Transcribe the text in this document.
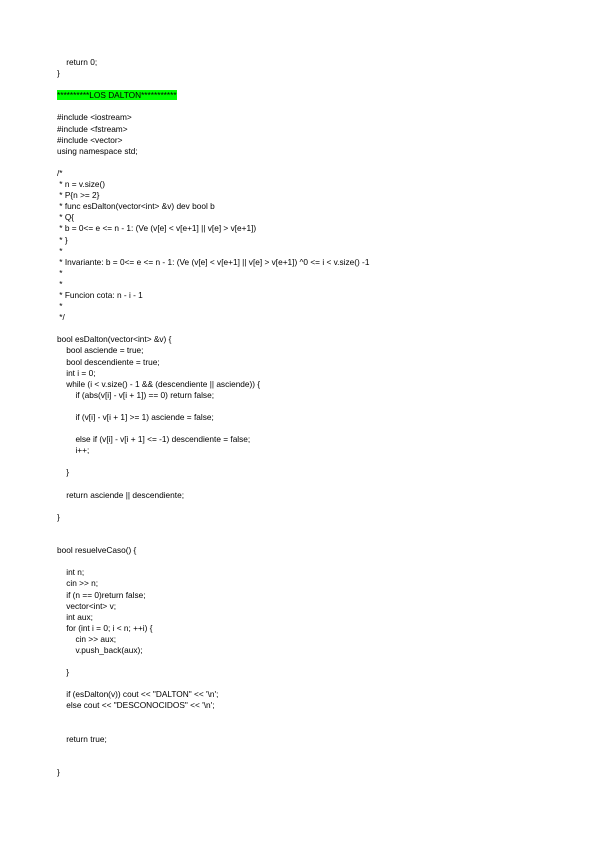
return 0;
}
**********LOS DALTON***********
#include <iostream>
#include <fstream>
#include <vector>
using namespace std;
/*
* n = v.size()
* P{n >= 2}
* func esDalton(vector<int> &v) dev bool b
* Q{
* b = 0<= e <= n - 1: (Ve (v[e] < v[e+1] || v[e] > v[e+1])
* }
*
* Invariante: b = 0<= e <= n - 1: (Ve (v[e] < v[e+1] || v[e] > v[e+1]) ^0 <= i < v.size() -1
*
*
* Funcion cota: n - i - 1
*
*/
bool esDalton(vector<int> &v) {
bool asciende = true;
bool descendiente = true;
int i = 0;
while (i < v.size() - 1 && (descendiente || asciende)) {
if (abs(v[i] - v[i + 1]) == 0) return false;
if (v[i] - v[i + 1] >= 1) asciende = false;
else if (v[i] - v[i + 1] <= -1) descendiente = false;
i++;
}
return asciende || descendiente;
}
bool resuelveCaso() {
int n;
cin >> n;
if (n == 0)return false;
vector<int> v;
int aux;
for (int i = 0; i < n; ++i) {
cin >> aux;
v.push_back(aux);
}
if (esDalton(v)) cout << "DALTON" << '\n';
else cout << "DESCONOCIDOS" << '\n';
return true;
}
